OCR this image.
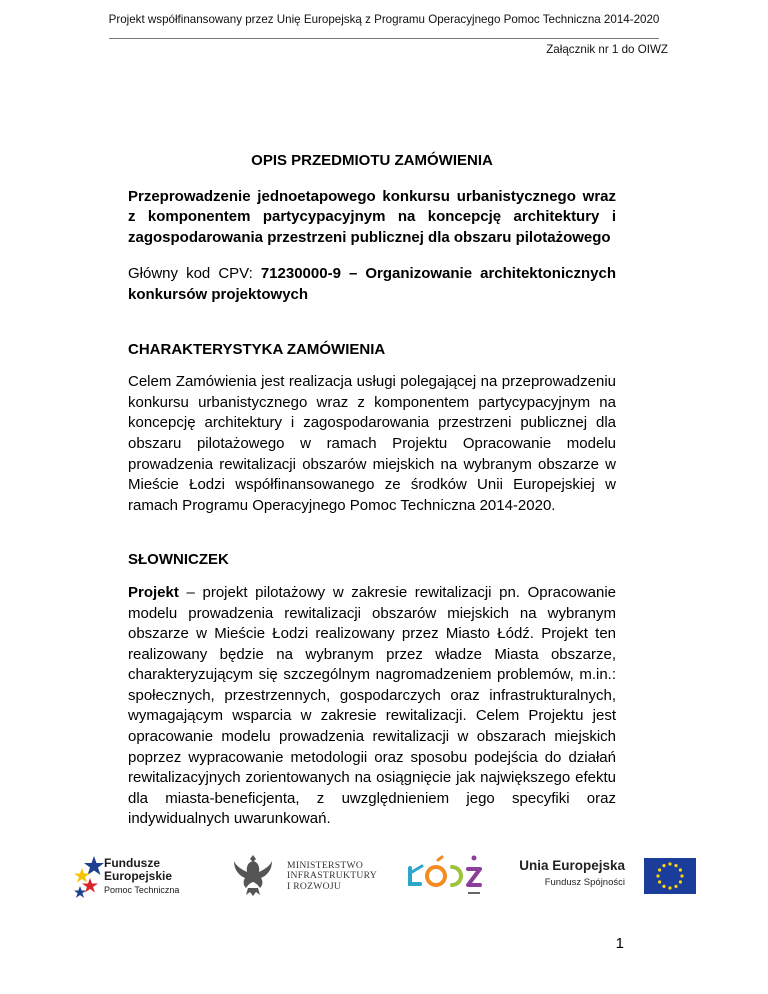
Projekt współfinansowany przez Unię Europejską z Programu Operacyjnego Pomoc Techniczna 2014-2020
Załącznik nr 1 do OIWZ

OPIS PRZEDMIOTU ZAMÓWIENIA

Przeprowadzenie jednoetapowego konkursu urbanistycznego wraz z komponentem partycypacyjnym na koncepcję architektury i zagospodarowania przestrzeni publicznej dla obszaru pilotażowego

Główny kod CPV: 71230000-9 – Organizowanie architektonicznych konkursów projektowych

CHARAKTERYSTYKA ZAMÓWIENIA

Celem Zamówienia jest realizacja usługi polegającej na przeprowadzeniu konkursu urbanistycznego wraz z komponentem partycypacyjnym na koncepcję architektury i zagospodarowania przestrzeni publicznej dla obszaru pilotażowego w ramach Projektu Opracowanie modelu prowadzenia rewitalizacji obszarów miejskich na wybranym obszarze w Mieście Łodzi współfinansowanego ze środków Unii Europejskiej w ramach Programu Operacyjnego Pomoc Techniczna 2014-2020.

SŁOWNICZEK

Projekt – projekt pilotażowy w zakresie rewitalizacji pn. Opracowanie modelu prowadzenia rewitalizacji obszarów miejskich na wybranym obszarze w Mieście Łodzi realizowany przez Miasto Łódź. Projekt ten realizowany będzie na wybranym przez władze Miasta obszarze, charakteryzującym się szczególnym nagromadzeniem problemów, m.in.: społecznych, przestrzennych, gospodarczych oraz infrastrukturalnych, wymagającym wsparcia w zakresie rewitalizacji. Celem Projektu jest opracowanie modelu prowadzenia rewitalizacji w obszarach miejskich poprzez wypracowanie metodologii oraz sposobu podejścia do działań rewitalizacyjnych zorientowanych na osiągnięcie jak największego efektu dla miasta-beneficjenta, z uwzględnieniem jego specyfiki oraz indywidualnych uwarunkowań.

Fundusze
Europejskie
Pomoc Techniczna
MINISTERSTWO
INFRASTRUKTURY
I ROZWOJU
Unia Europejska
Fundusz Spójności
1
